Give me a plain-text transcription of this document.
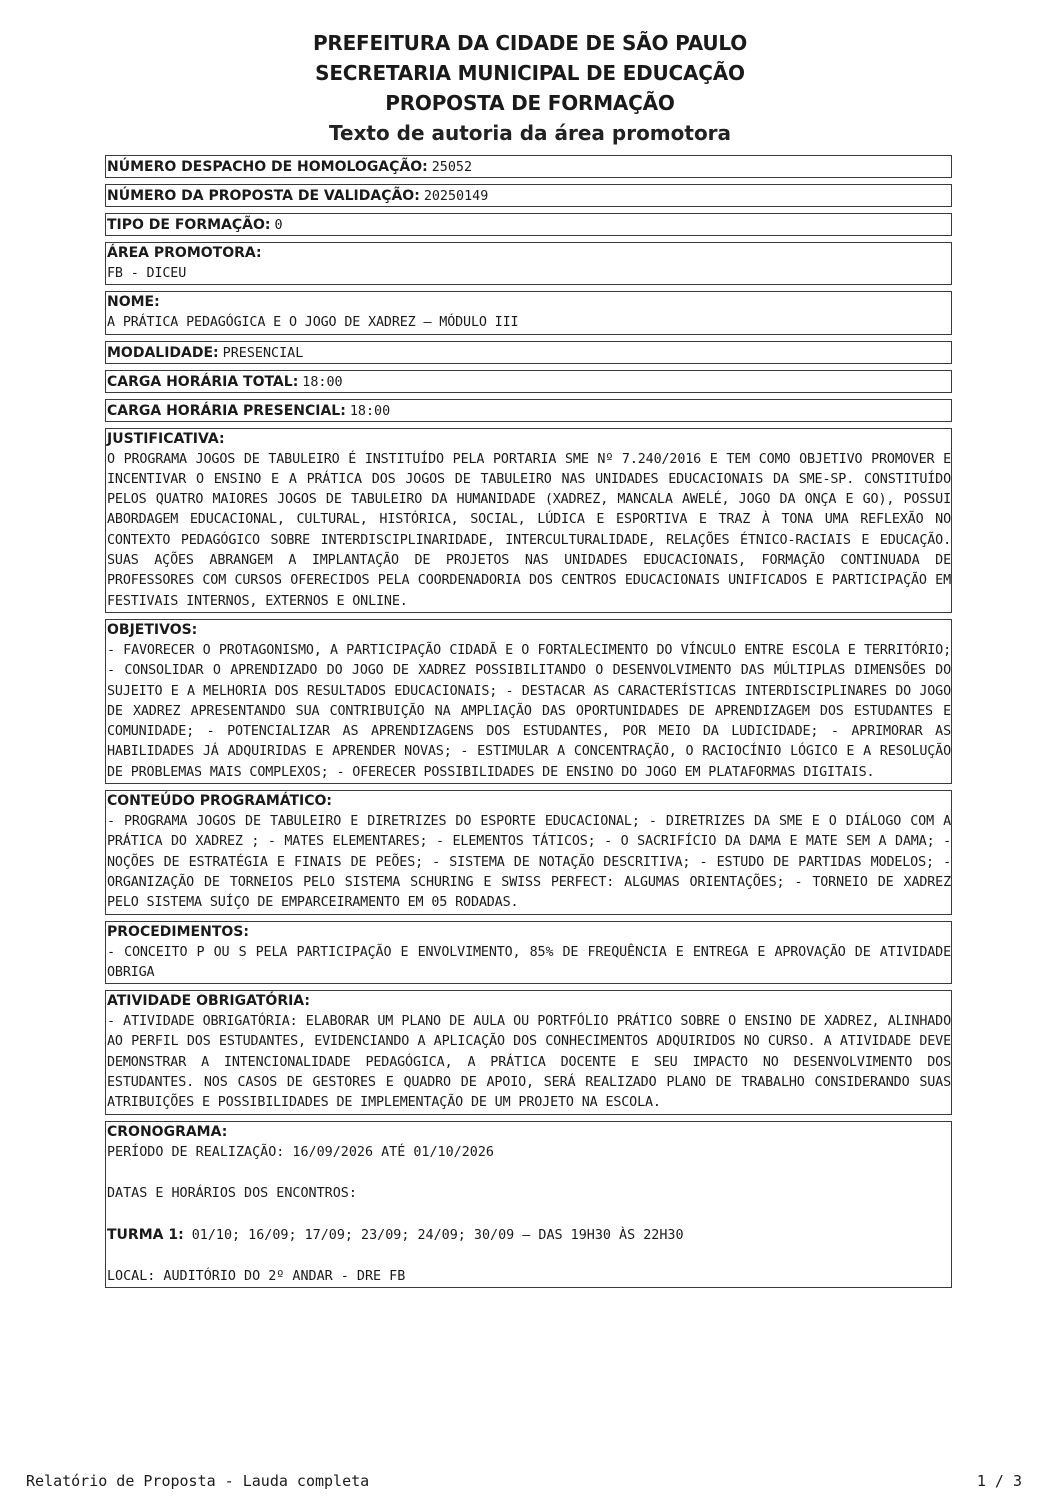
PREFEITURA DA CIDADE DE SÃO PAULO
SECRETARIA MUNICIPAL DE EDUCAÇÃO
PROPOSTA DE FORMAÇÃO
Texto de autoria da área promotora
NÚMERO DESPACHO DE HOMOLOGAÇÃO: 25052
NÚMERO DA PROPOSTA DE VALIDAÇÃO: 20250149
TIPO DE FORMAÇÃO: 0
ÁREA PROMOTORA:
FB - DICEU
NOME:
A PRÁTICA PEDAGÓGICA E O JOGO DE XADREZ – MÓDULO III
MODALIDADE: PRESENCIAL
CARGA HORÁRIA TOTAL: 18:00
CARGA HORÁRIA PRESENCIAL: 18:00
JUSTIFICATIVA:
O PROGRAMA JOGOS DE TABULEIRO É INSTITUÍDO PELA PORTARIA SME Nº 7.240/2016 E TEM COMO OBJETIVO PROMOVER E INCENTIVAR O ENSINO E A PRÁTICA DOS JOGOS DE TABULEIRO NAS UNIDADES EDUCACIONAIS DA SME-SP. CONSTITUÍDO PELOS QUATRO MAIORES JOGOS DE TABULEIRO DA HUMANIDADE (XADREZ, MANCALA AWELÉ, JOGO DA ONÇA E GO), POSSUI ABORDAGEM EDUCACIONAL, CULTURAL, HISTÓRICA, SOCIAL, LÚDICA E ESPORTIVA E TRAZ À TONA UMA REFLEXÃO NO CONTEXTO PEDAGÓGICO SOBRE INTERDISCIPLINARIDADE, INTERCULTURALIDADE, RELAÇÕES ÉTNICO-RACIAIS E EDUCAÇÃO. SUAS AÇÕES ABRANGEM A IMPLANTAÇÃO DE PROJETOS NAS UNIDADES EDUCACIONAIS, FORMAÇÃO CONTINUADA DE PROFESSORES COM CURSOS OFERECIDOS PELA COORDENADORIA DOS CENTROS EDUCACIONAIS UNIFICADOS E PARTICIPAÇÃO EM FESTIVAIS INTERNOS, EXTERNOS E ONLINE.
OBJETIVOS:
- FAVORECER O PROTAGONISMO, A PARTICIPAÇÃO CIDADÃ E O FORTALECIMENTO DO VÍNCULO ENTRE ESCOLA E TERRITÓRIO; - CONSOLIDAR O APRENDIZADO DO JOGO DE XADREZ POSSIBILITANDO O DESENVOLVIMENTO DAS MÚLTIPLAS DIMENSÕES DO SUJEITO E A MELHORIA DOS RESULTADOS EDUCACIONAIS; - DESTACAR AS CARACTERÍSTICAS INTERDISCIPLINARES DO JOGO DE XADREZ APRESENTANDO SUA CONTRIBUIÇÃO NA AMPLIAÇÃO DAS OPORTUNIDADES DE APRENDIZAGEM DOS ESTUDANTES E COMUNIDADE; - POTENCIALIZAR AS APRENDIZAGENS DOS ESTUDANTES, POR MEIO DA LUDICIDADE; - APRIMORAR AS HABILIDADES JÁ ADQUIRIDAS E APRENDER NOVAS; - ESTIMULAR A CONCENTRAÇÃO, O RACIOCÍNIO LÓGICO E A RESOLUÇÃO DE PROBLEMAS MAIS COMPLEXOS; - OFERECER POSSIBILIDADES DE ENSINO DO JOGO EM PLATAFORMAS DIGITAIS.
CONTEÚDO PROGRAMÁTICO:
- PROGRAMA JOGOS DE TABULEIRO E DIRETRIZES DO ESPORTE EDUCACIONAL; - DIRETRIZES DA SME E O DIÁLOGO COM A PRÁTICA DO XADREZ ; - MATES ELEMENTARES; - ELEMENTOS TÁTICOS; - O SACRIFÍCIO DA DAMA E MATE SEM A DAMA; - NOÇÕES DE ESTRATÉGIA E FINAIS DE PEÕES; - SISTEMA DE NOTAÇÃO DESCRITIVA; - ESTUDO DE PARTIDAS MODELOS; - ORGANIZAÇÃO DE TORNEIOS PELO SISTEMA SCHURING E SWISS PERFECT: ALGUMAS ORIENTAÇÕES; - TORNEIO DE XADREZ PELO SISTEMA SUÍÇO DE EMPARCEIRAMENTO EM 05 RODADAS.
PROCEDIMENTOS:
- CONCEITO P OU S PELA PARTICIPAÇÃO E ENVOLVIMENTO, 85% DE FREQUÊNCIA E ENTREGA E APROVAÇÃO DE ATIVIDADE OBRIGA
ATIVIDADE OBRIGATÓRIA:
- ATIVIDADE OBRIGATÓRIA: ELABORAR UM PLANO DE AULA OU PORTFÓLIO PRÁTICO SOBRE O ENSINO DE XADREZ, ALINHADO AO PERFIL DOS ESTUDANTES, EVIDENCIANDO A APLICAÇÃO DOS CONHECIMENTOS ADQUIRIDOS NO CURSO. A ATIVIDADE DEVE DEMONSTRAR A INTENCIONALIDADE PEDAGÓGICA, A PRÁTICA DOCENTE E SEU IMPACTO NO DESENVOLVIMENTO DOS ESTUDANTES. NOS CASOS DE GESTORES E QUADRO DE APOIO, SERÁ REALIZADO PLANO DE TRABALHO CONSIDERANDO SUAS ATRIBUIÇÕES E POSSIBILIDADES DE IMPLEMENTAÇÃO DE UM PROJETO NA ESCOLA.
CRONOGRAMA:
PERÍODO DE REALIZAÇÃO: 16/09/2026 ATÉ 01/10/2026
DATAS E HORÁRIOS DOS ENCONTROS:
TURMA 1: 01/10; 16/09; 17/09; 23/09; 24/09; 30/09 – DAS 19H30 ÀS 22H30
LOCAL: AUDITÓRIO DO 2º ANDAR - DRE FB
Relatório de Proposta - Lauda completa	1 / 3
